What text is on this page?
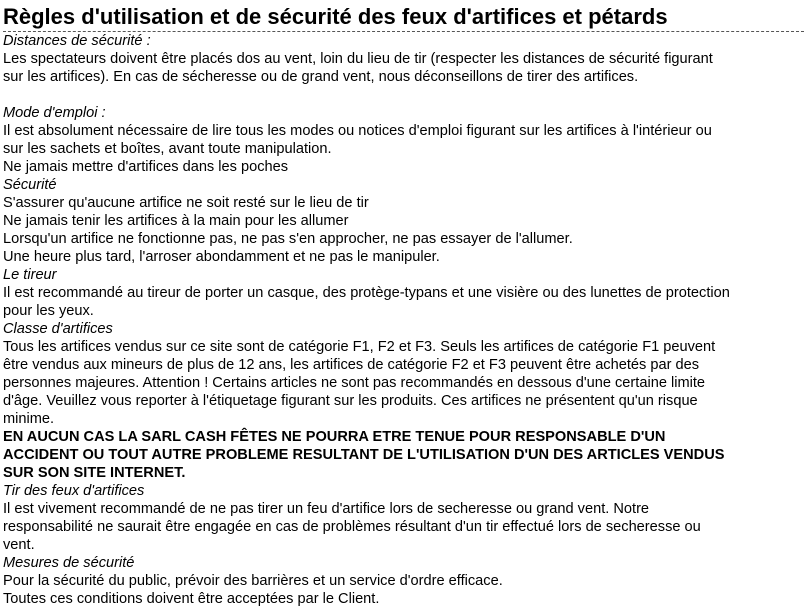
Règles d'utilisation et de sécurité des feux d'artifices et pétards
Distances de sécurité :
Les spectateurs doivent être placés dos au vent, loin du lieu de tir (respecter les distances de sécurité figurant
sur les artifices). En cas de sécheresse ou de grand vent, nous déconseillons de tirer des artifices.
Mode d'emploi :
Il est absolument nécessaire de lire tous les modes ou notices d'emploi figurant sur les artifices à l'intérieur ou
sur les sachets et boîtes, avant toute manipulation.
Ne jamais mettre d'artifices dans les poches
Sécurité
S'assurer qu'aucune artifice ne soit resté sur le lieu de tir
Ne jamais tenir les artifices à la main pour les allumer
Lorsqu'un artifice ne fonctionne pas, ne pas s'en approcher, ne pas essayer de l'allumer.
Une heure plus tard, l'arroser abondamment et ne pas le manipuler.
Le tireur
Il est recommandé au tireur de porter un casque, des protège-typans et une visière ou des lunettes de protection
pour les yeux.
Classe d'artifices
Tous les artifices vendus sur ce site sont de catégorie F1, F2 et F3. Seuls les artifices de catégorie F1 peuvent
être vendus aux mineurs de plus de 12 ans, les artifices de catégorie F2 et F3 peuvent être achetés par des
personnes majeures. Attention ! Certains articles ne sont pas recommandés en dessous d'une certaine limite
d'âge. Veuillez vous reporter à l'étiquetage figurant sur les produits. Ces artifices ne présentent qu'un risque
minime.
EN AUCUN CAS LA SARL CASH FÊTES NE POURRA ETRE TENUE POUR RESPONSABLE D'UN
ACCIDENT OU TOUT AUTRE PROBLEME RESULTANT DE L'UTILISATION D'UN DES ARTICLES VENDUS
SUR SON SITE INTERNET.
Tir des feux d'artifices
Il est vivement recommandé de ne pas tirer un feu d'artifice lors de secheresse ou grand vent. Notre
responsabilité ne saurait être engagée en cas de problèmes résultant d'un tir effectué lors de secheresse ou
vent.
Mesures de sécurité
Pour la sécurité du public, prévoir des barrières et un service d'ordre efficace.
Toutes ces conditions doivent être acceptées par le Client.
